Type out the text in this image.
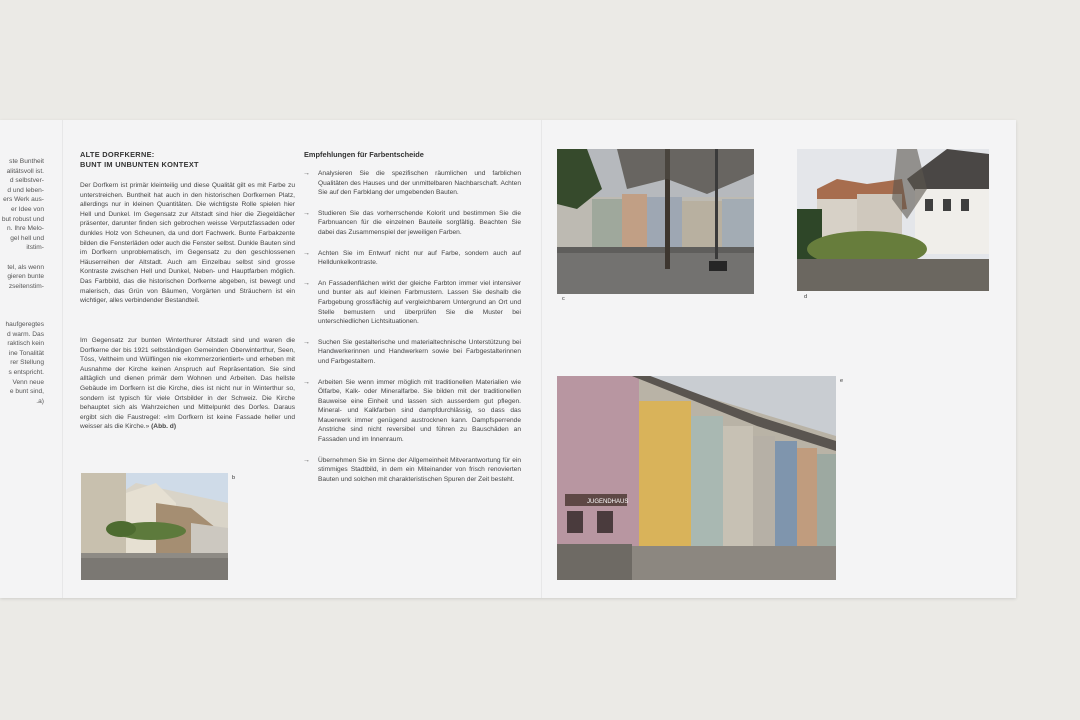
ste Buntheit
alitätsvoll ist.
d selbstver-
d und leben-
ers Werk aus-
er Idee von
but robust und
n. Ihre Melo-
gel hell und
itstim-
tel, als wenn
gieren bunte
zseitenstim-
haufgeregtes
d warm. Das
raktisch kein
ine Tonalität
rer Stellung
s entspricht.
Venn neue
e bunt sind,
.a)

ALTE DORFKERNE:
BUNT IM UNBUNTEN KONTEXT

Der Dorfkern ist primär kleinteilig und diese Qualität gilt es mit Farbe zu unterstreichen. Buntheit hat auch in den historischen Dorfkernen Platz, allerdings nur in kleinen Quantitäten. Die wichtigste Rolle spielen hier Hell und Dunkel. Im Gegensatz zur Altstadt sind hier die Ziegeldächer präsenter, darunter finden sich gebrochen weisse Verputzfassaden oder dunkles Holz von Scheunen, da und dort Fachwerk. Bunte Farbakzente bilden die Fensterläden oder auch die Fenster selbst. Dunkle Bauten sind im Dorfkern unproblematisch, im Gegensatz zu den geschlossenen Häuserreihen der Altstadt. Auch am Einzelbau selbst sind grosse Kontraste zwischen Hell und Dunkel, Neben- und Hauptfarben möglich. Das Farbbild, das die historischen Dorfkerne abgeben, ist bewegt und malerisch, das Grün von Bäumen, Vorgärten und Sträuchern ist ein wichtiger, alles verbindender Bestandteil.

Im Gegensatz zur bunten Winterthurer Altstadt sind und waren die Dorfkerne der bis 1921 selbständigen Gemeinden Oberwinterthur, Seen, Töss, Veltheim und Wülflingen nie «kommerzorientiert» und erheben mit Ausnahme der Kirche keinen Anspruch auf Repräsentation. Sie sind alltäglich und dienen primär dem Wohnen und Arbeiten. Das hellste Gebäude im Dorfkern ist die Kirche, dies ist nicht nur in Winterthur so, sondern ist typisch für viele Ortsbilder in der Schweiz. Die Kirche behauptet sich als Wahrzeichen und Mittelpunkt des Dorfes. Daraus ergibt sich die Faustregel: «Im Dorfkern ist keine Fassade heller und weisser als die Kirche.» (Abb. d)

b

Empfehlungen für Farbentscheide

→ Analysieren Sie die spezifischen räumlichen und farblichen Qualitäten des Hauses und der unmittelbaren Nachbarschaft. Achten Sie auf den Farbklang der umgebenden Bauten.
→ Studieren Sie das vorherrschende Kolorit und bestimmen Sie die Farbnuancen für die einzelnen Bauteile sorgfältig. Beachten Sie dabei das Zusammenspiel der jeweiligen Farben.
→ Achten Sie im Entwurf nicht nur auf Farbe, sondern auch auf Helldunkelkontraste.
→ An Fassadenflächen wirkt der gleiche Farbton immer viel intensiver und bunter als auf kleinen Farbmustern. Lassen Sie deshalb die Farbgebung grossflächig auf vergleichbarem Untergrund an Ort und Stelle bemustern und überprüfen Sie die Muster bei unterschiedlichen Lichtsituationen.
→ Suchen Sie gestalterische und materialtechnische Unterstützung bei Handwerkerinnen und Handwerkern sowie bei Farbgestalterinnen und Farbgestaltern.
→ Arbeiten Sie wenn immer möglich mit traditionellen Materialien wie Ölfarbe, Kalk- oder Mineralfarbe. Sie bilden mit der traditionellen Bauweise eine Einheit und lassen sich ausserdem gut pflegen. Mineral- und Kalkfarben sind dampfdurchlässig, so dass das Mauerwerk immer genügend austrocknen kann. Dampfsperrende Anstriche sind nicht reversibel und führen zu Bauschäden an Fassaden und im Innenraum.
→ Übernehmen Sie im Sinne der Allgemeinheit Mitverantwortung für ein stimmiges Stadtbild, in dem ein Miteinander von frisch renovierten Bauten und solchen mit charakteristischen Spuren der Zeit besteht.
c	d
JUGENDHAUS
e
